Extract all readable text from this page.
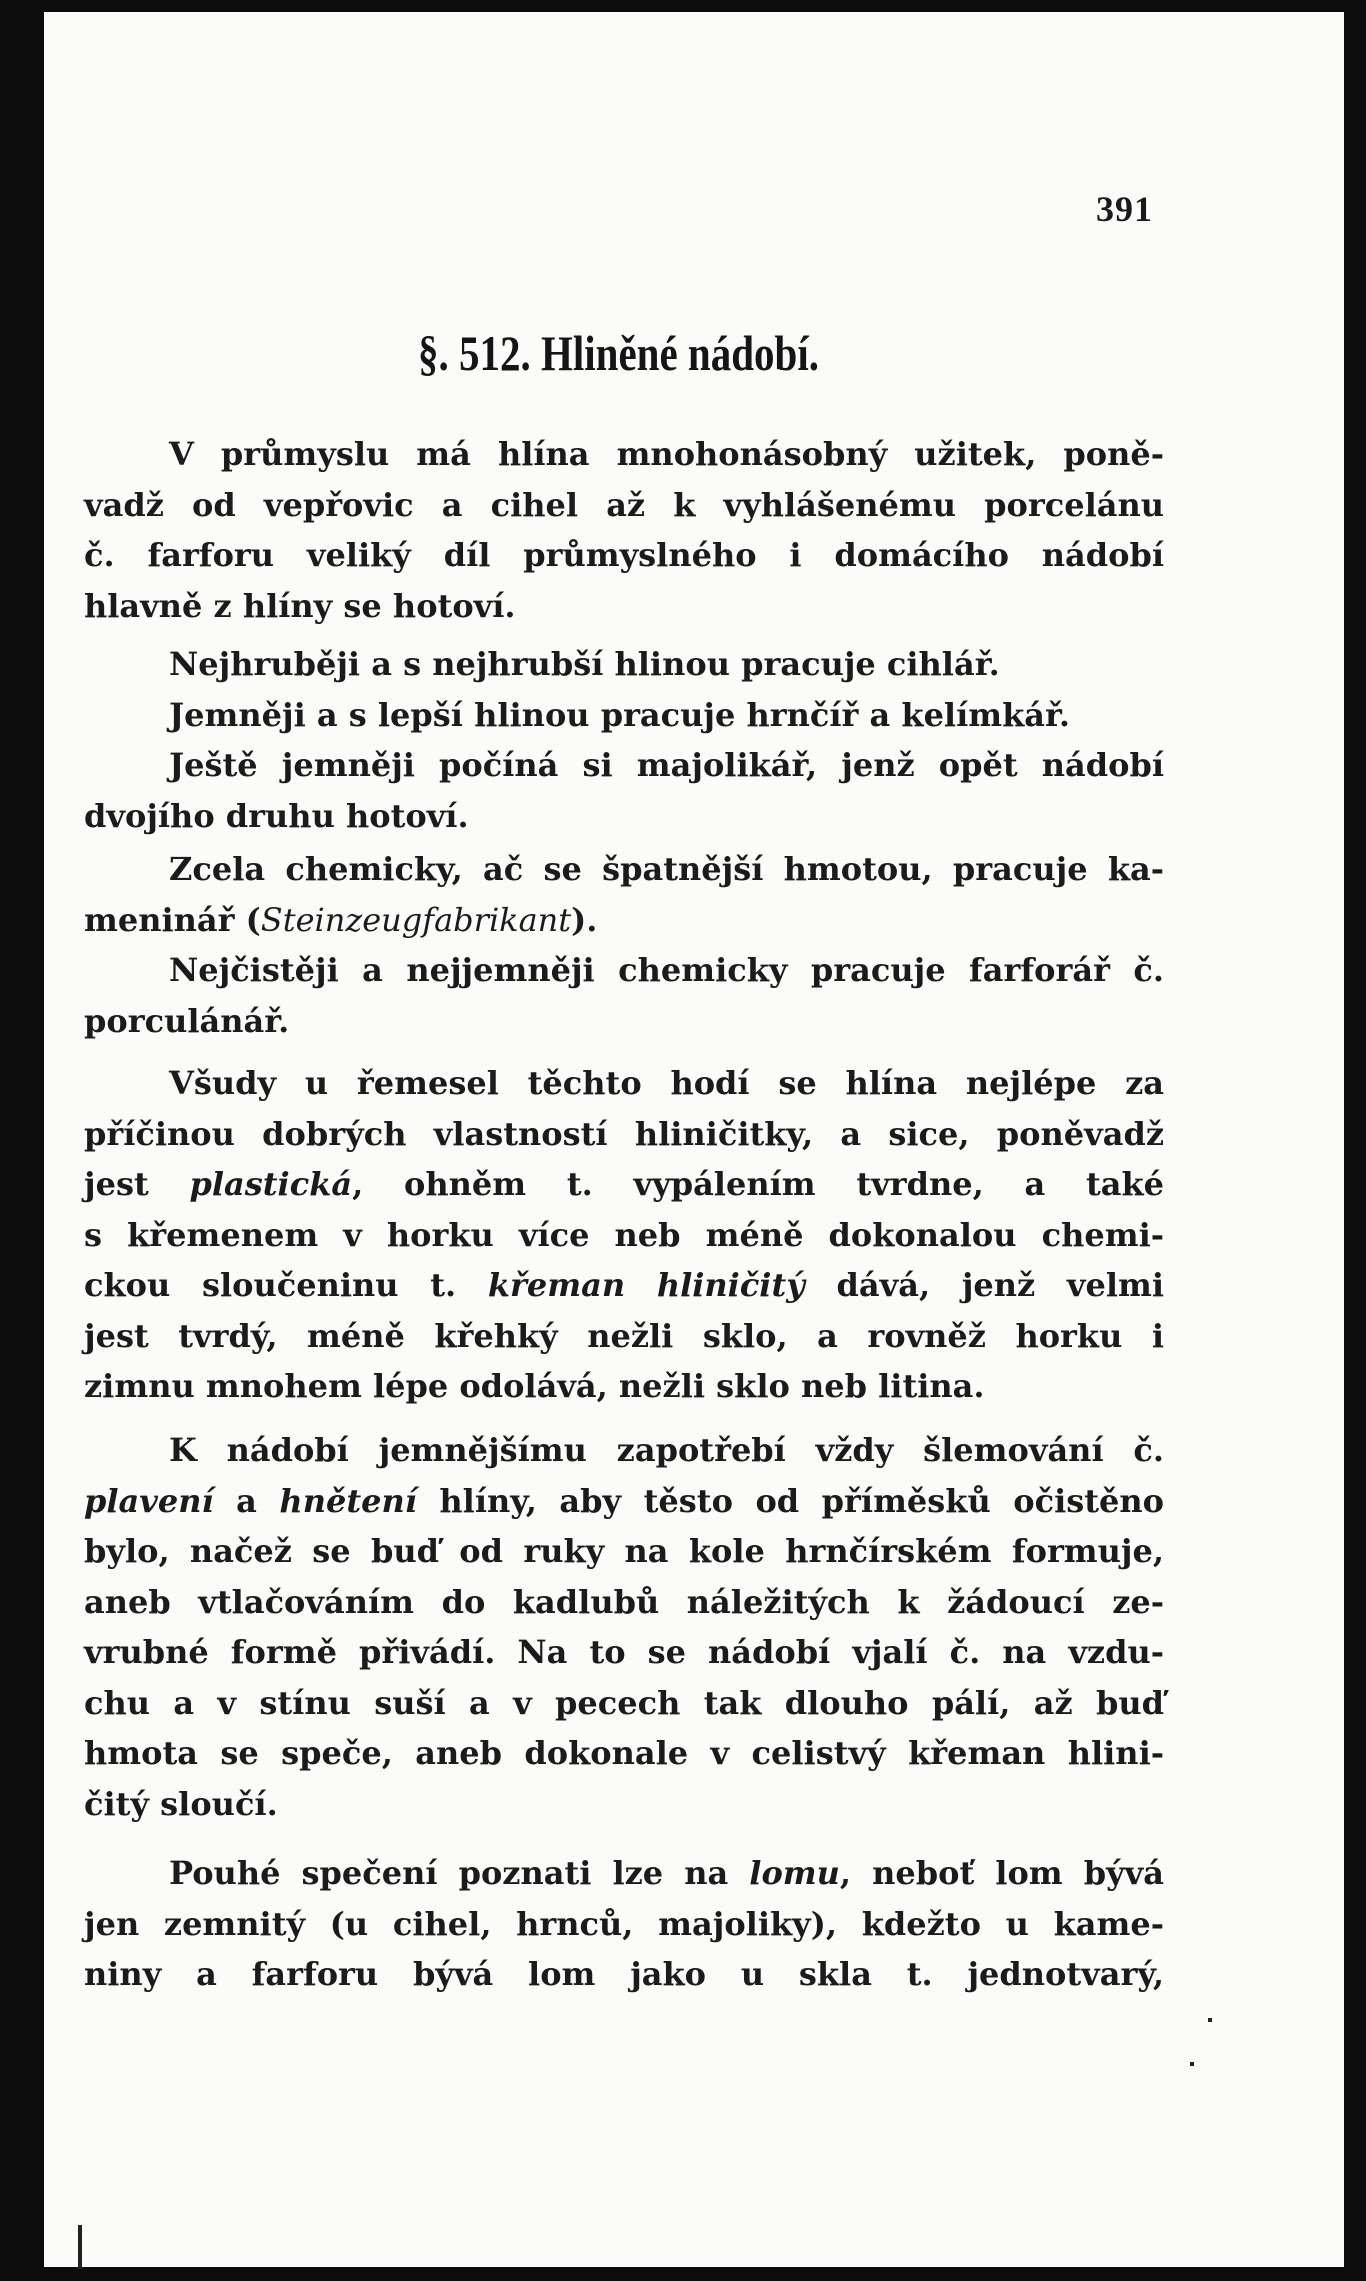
391
§. 512. Hliněné nádobí.
V průmyslu má hlína mnohonásobný užitek, poně-
vadž od vepřovic a cihel až k vyhlášenému porcelánu
č. farforu veliký díl průmyslného i domácího nádobí
hlavně z hlíny se hotoví.
Nejhruběji a s nejhrubší hlinou pracuje cihlář.
Jemněji a s lepší hlinou pracuje hrnčíř a kelímkář.
Ještě jemněji počíná si majolikář, jenž opět nádobí
dvojího druhu hotoví.
Zcela chemicky, ač se špatnější hmotou, pracuje ka-
meninář (Steinzeugfabrikant).
Nejčistěji a nejjemněji chemicky pracuje farforář č.
porculánář.
Všudy u řemesel těchto hodí se hlína nejlépe za
příčinou dobrých vlastností hliničitky, a sice, poněvadž
jest plastická, ohněm t. vypálením tvrdne, a také
s křemenem v horku více neb méně dokonalou chemi-
ckou sloučeninu t. křeman hliničitý dává, jenž velmi
jest tvrdý, méně křehký nežli sklo, a rovněž horku i
zimnu mnohem lépe odolává, nežli sklo neb litina.
K nádobí jemnějšímu zapotřebí vždy šlemování č.
plavení a hnětení hlíny, aby těsto od příměsků očistěno
bylo, načež se buď od ruky na kole hrnčírském formuje,
aneb vtlačováním do kadlubů náležitých k žádoucí ze-
vrubné formě přivádí. Na to se nádobí vjalí č. na vzdu-
chu a v stínu suší a v pecech tak dlouho pálí, až buď
hmota se speče, aneb dokonale v celistvý křeman hlini-
čitý sloučí.
Pouhé spečení poznati lze na lomu, neboť lom bývá
jen zemnitý (u cihel, hrnců, majoliky), kdežto u kame-
niny a farforu bývá lom jako u skla t. jednotvarý,
